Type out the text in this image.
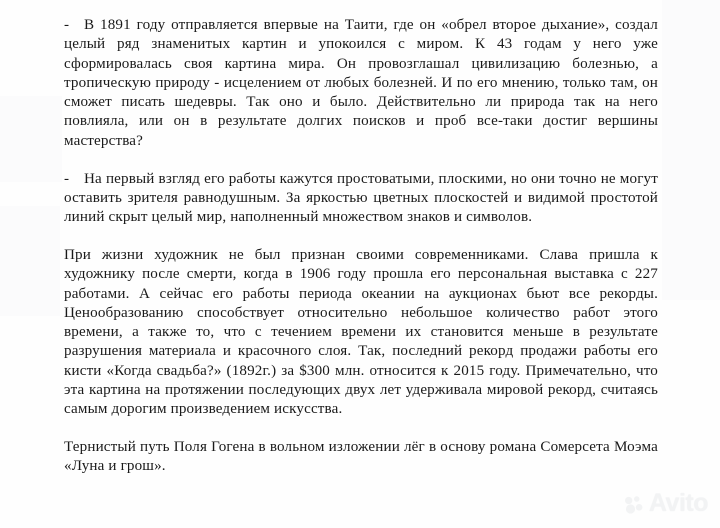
- В 1891 году отправляется впервые на Таити, где он «обрел второе дыхание», создал целый ряд знаменитых картин и упокоился с миром. К 43 годам у него уже сформировалась своя картина мира. Он провозглашал цивилизацию болезнью, а тропическую природу - исцелением от любых болезней. И по его мнению, только там, он сможет писать шедевры. Так оно и было. Действительно ли природа так на него повлияла, или он в результате долгих поисков и проб все-таки достиг вершины мастерства?

- На первый взгляд его работы кажутся простоватыми, плоскими, но они точно не могут оставить зрителя равнодушным. За яркостью цветных плоскостей и видимой простотой линий скрыт целый мир, наполненный множеством знаков и символов.

При жизни художник не был признан своими современниками. Слава пришла к художнику после смерти, когда в 1906 году прошла его персональная выставка с 227 работами. А сейчас его работы периода океании на аукционах бьют все рекорды. Ценообразованию способствует относительно небольшое количество работ этого времени, а также то, что с течением времени их становится меньше в результате разрушения материала и красочного слоя. Так, последний рекорд продажи работы его кисти «Когда свадьба?» (1892г.) за $300 млн. относится к 2015 году. Примечательно, что эта картина на протяжении последующих двух лет удерживала мировой рекорд, считаясь самым дорогим произведением искусства.

Тернистый путь Поля Гогена в вольном изложении лёг в основу романа Сомерсета Моэма «Луна и грош».

Avito
